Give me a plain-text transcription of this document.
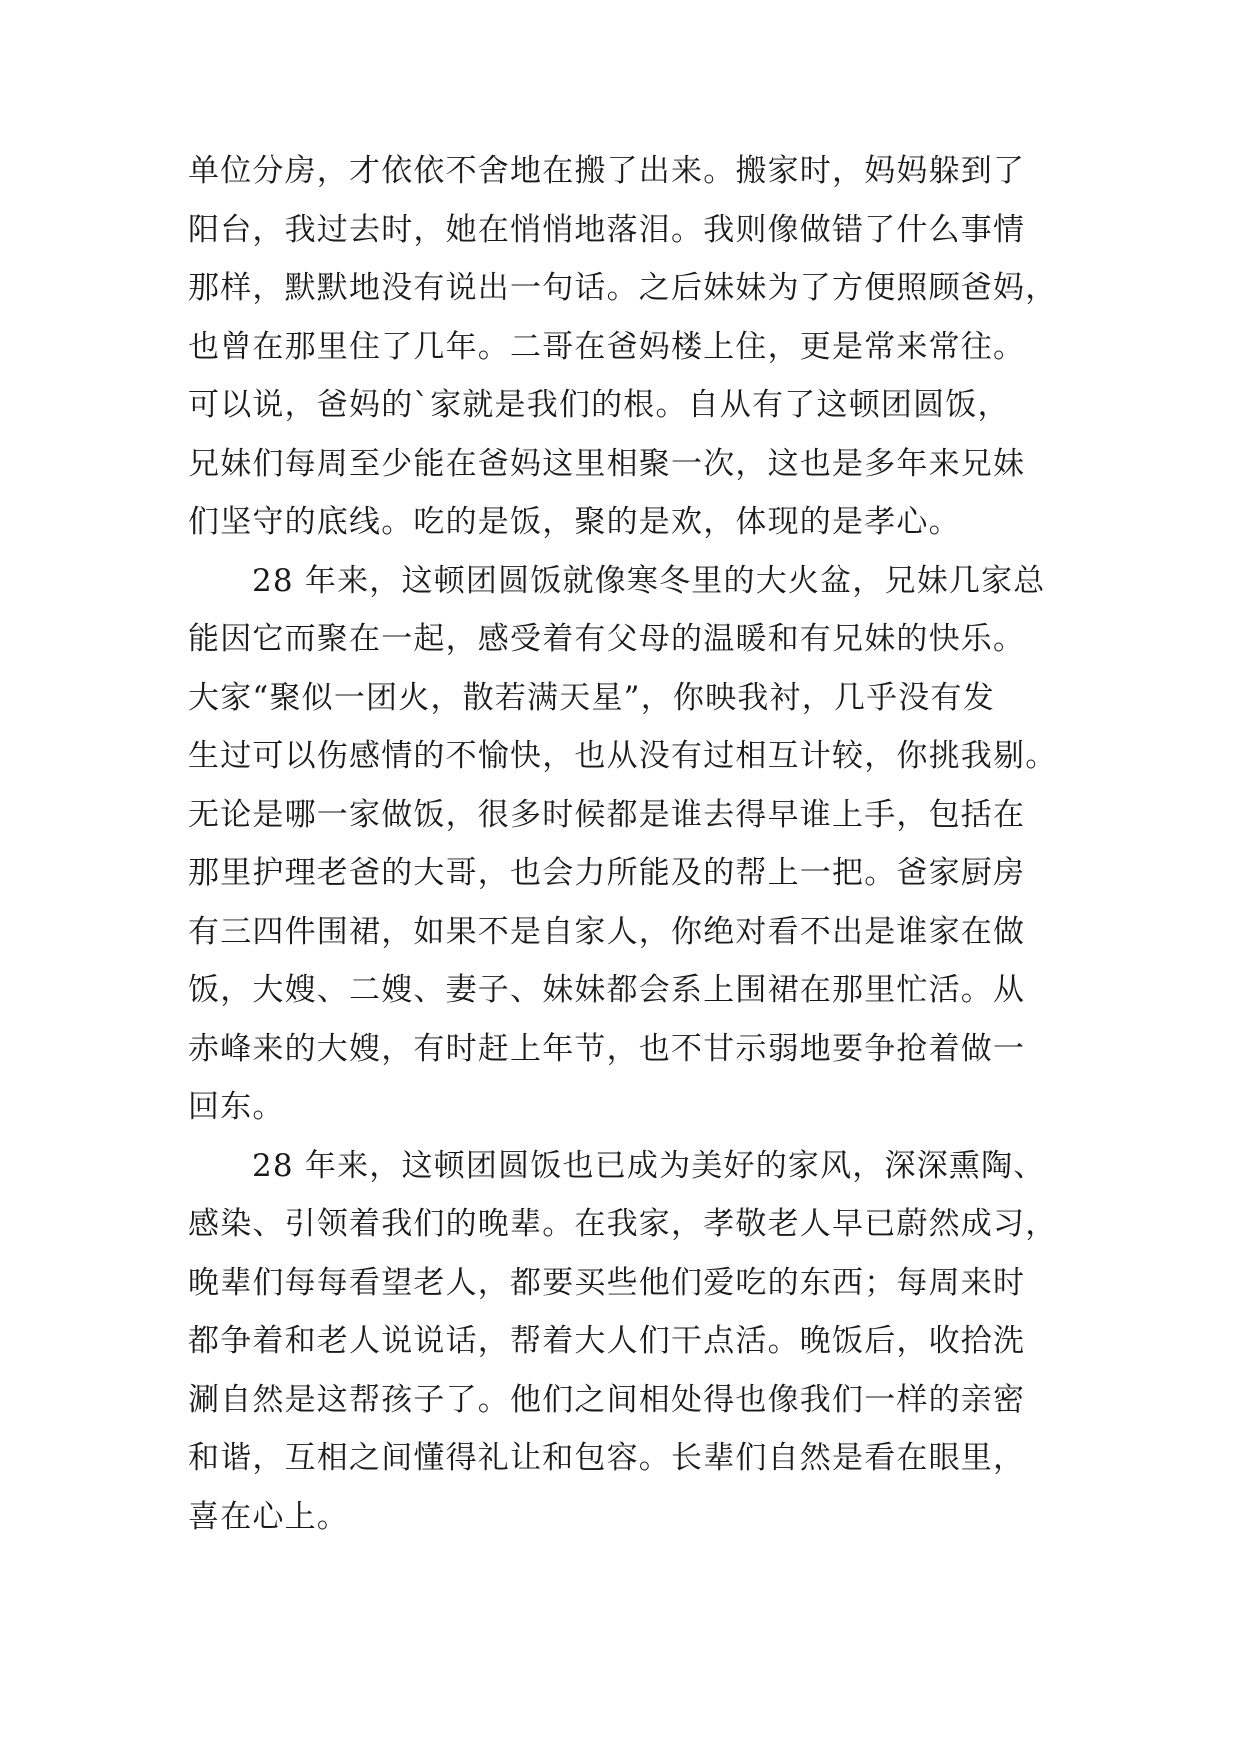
单位分房，才依依不舍地在搬了出来。搬家时，妈妈躲到了
阳台，我过去时，她在悄悄地落泪。我则像做错了什么事情
那样，默默地没有说出一句话。之后妹妹为了方便照顾爸妈，
也曾在那里住了几年。二哥在爸妈楼上住，更是常来常往。
可以说，爸妈的`家就是我们的根。自从有了这顿团圆饭，
兄妹们每周至少能在爸妈这里相聚一次，这也是多年来兄妹
们坚守的底线。吃的是饭，聚的是欢，体现的是孝心。
28 年来，这顿团圆饭就像寒冬里的大火盆，兄妹几家总
能因它而聚在一起，感受着有父母的温暖和有兄妹的快乐。
大家“聚似一团火，散若满天星”，你映我衬，几乎没有发
生过可以伤感情的不愉快，也从没有过相互计较，你挑我剔。
无论是哪一家做饭，很多时候都是谁去得早谁上手，包括在
那里护理老爸的大哥，也会力所能及的帮上一把。爸家厨房
有三四件围裙，如果不是自家人，你绝对看不出是谁家在做
饭，大嫂、二嫂、妻子、妹妹都会系上围裙在那里忙活。从
赤峰来的大嫂，有时赶上年节，也不甘示弱地要争抢着做一
回东。
28 年来，这顿团圆饭也已成为美好的家风，深深熏陶、
感染、引领着我们的晚辈。在我家，孝敬老人早已蔚然成习，
晚辈们每每看望老人，都要买些他们爱吃的东西；每周来时
都争着和老人说说话，帮着大人们干点活。晚饭后，收拾洗
涮自然是这帮孩子了。他们之间相处得也像我们一样的亲密
和谐，互相之间懂得礼让和包容。长辈们自然是看在眼里，
喜在心上。
